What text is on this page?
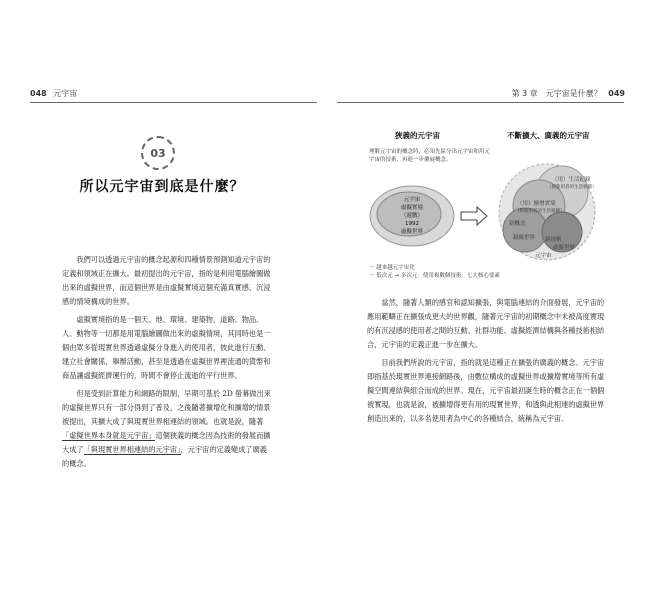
048 元宇宙	第 3 章　元宇宙是什麼？ 049
03
所以元宇宙到底是什麼？

我們可以透過元宇宙的概念起源和四種情景預測知道元宇宙的定義和領域正在擴大。最初提出的元宇宙，指的是利用電腦繪圖做出來的虛擬世界，而這個世界是由虛擬實境這個充滿真實感、沉浸感的情境構成的世界。

虛擬實境指的是一個天、地、環境、建築物、道路、物品、人、動物等一切都是用電腦繪圖做出來的虛擬情境，其同時也是一個由眾多從現實世界透過虛擬分身進入的使用者，彼此進行互動、建立社會關係、舉辦活動，甚至是透過在虛擬世界裡流通的貨幣和商品讓虛擬經濟運行的，時間不會停止流逝的平行世界。

但是受到計算能力和網路的限制，早期可基於 2D 螢幕做出來的虛擬世界只有一部分得到了普及，之後隨著擴增化和擴增的情景被提出，其擴大成了與現實世界相連結的領域。也就是說，隨著「虛擬世界本身就是元宇宙」這個狹義的概念因為技術的發展而擴大成了「與現實世界相連結的元宇宙」，元宇宙的定義變成了廣義的概念。

狹義的元宇宙	不斷擴大、廣義的元宇宙
理解元宇宙的概念時，必須先區分出元宇宙和用元宇宙的技術，再進一步擴展概念。
元宇宙
虛擬實境
（遊戲）
1992
虛擬世界
（用）生活紀錄
（與使用者的生活相關）
（用）擴增實境
（與使用者的生活相關）
新概念
鏡像世界 新技術
虛擬世界
元宇宙
－ 越來越元宇宙化
－ 低次元 → 多次元：使用複數個技術：七大核心要素

當然，隨著人類的感官和認知擴張，與電腦連結的介面發展，元宇宙的應用範疇正在擴張成更大的世界觀，隨著元宇宙的初期概念中未被高度實現的有沉浸感的使用者之間的互動、社群功能、虛擬經濟結構與各種技術相結合，元宇宙的定義正進一步在擴大。

目前我們所說的元宇宙，指的就是這種正在擴張的廣義的概念。元宇宙即指基於現實世界連接網路後，由數位構成的虛擬世界或擴增實境等所有虛擬空間連結與組合而成的世界。現在，元宇宙最初誕生時的概念正在一個個被實現，也就是說，被擴增得更有用的現實世界，和透與此相連的虛擬世界創造出來的，以多名使用者為中心的各種結合，統稱為元宇宙。
